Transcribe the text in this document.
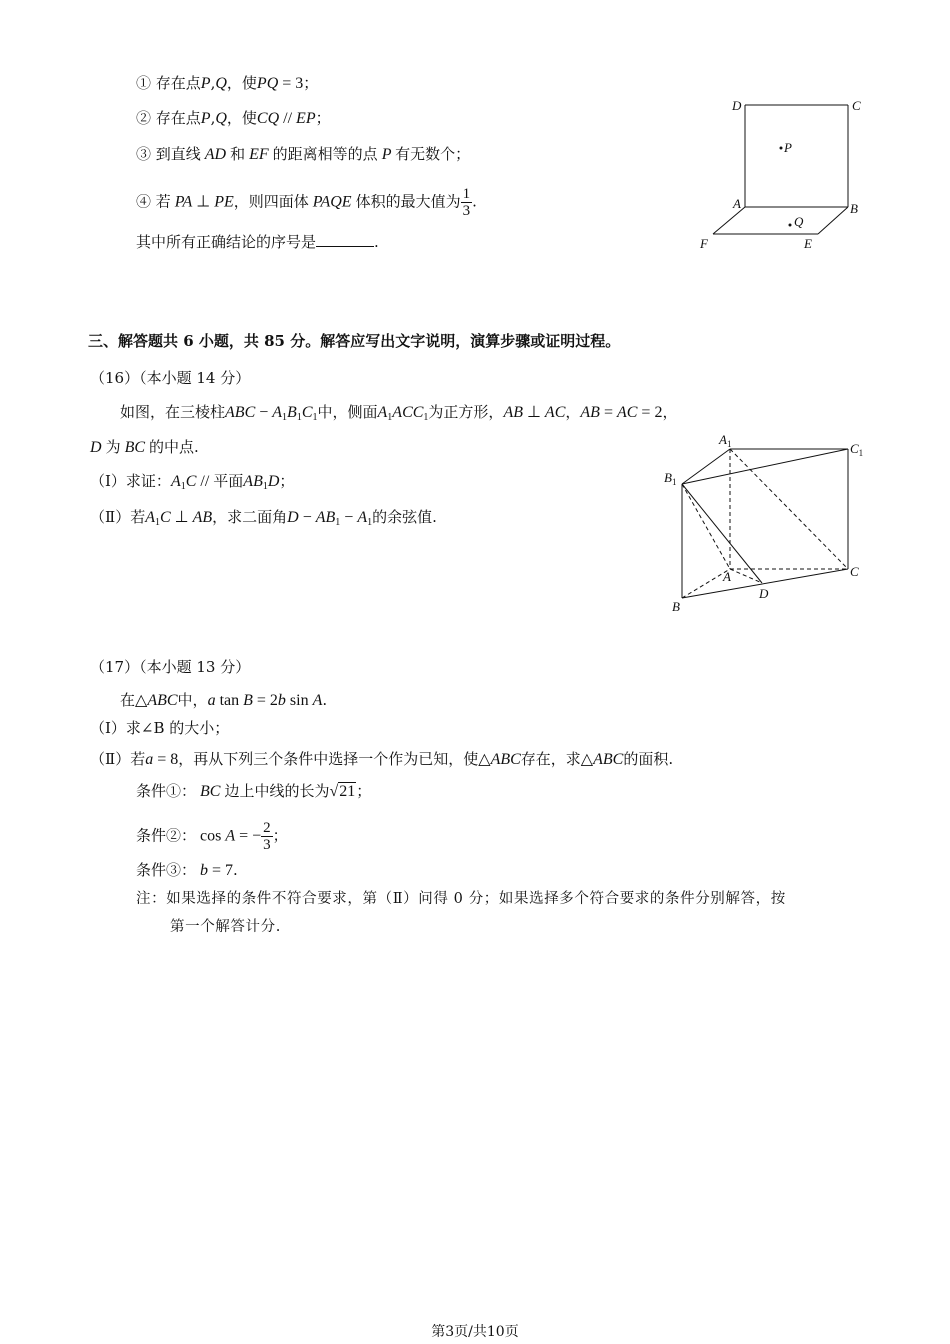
① 存在点P,Q，使PQ = 3；
② 存在点P,Q，使CQ // EP；
③ 到直线 AD 和 EF 的距离相等的点 P 有无数个；
④ 若 PA ⊥ PE，则四面体 PAQE 体积的最大值为 $\frac{1}{3}$ .
其中所有正确结论的序号是	.
D	C
P
A	B
Q
F	E
三、解答题共 6 小题，共 85 分。解答应写出文字说明，演算步骤或证明过程。
（16）（本小题 14 分）
如图，在三棱柱ABC − $A_1B_1C_1$中，侧面$A_1ACC_1$为正方形，AB ⊥ AC，AB = AC = 2，
D 为 BC 的中点.
（Ⅰ）求证：$A_1C$ // 平面$AB_1D$；
（Ⅱ）若$A_1C$ ⊥ AB，求二面角$D - AB_1 - A_1$的余弦值.
$A_1$	$C_1$
$B_1$
A	C
B
D
（17）（本小题 13 分）
在△ABC中，a tan B = 2b sin A.
（Ⅰ）求∠B 的大小；
（Ⅱ）若a = 8，再从下列三个条件中选择一个作为已知，使△ABC存在，求△ABC的面积.
条件①： BC 边上中线的长为√21；
条件②： cos A = − $\frac{2}{3}$ ；
条件③： b = 7.
注：如果选择的条件不符合要求，第（Ⅱ）问得 0 分；如果选择多个符合要求的条件分别解答，按
第一个解答计分.
第3页/共10页
